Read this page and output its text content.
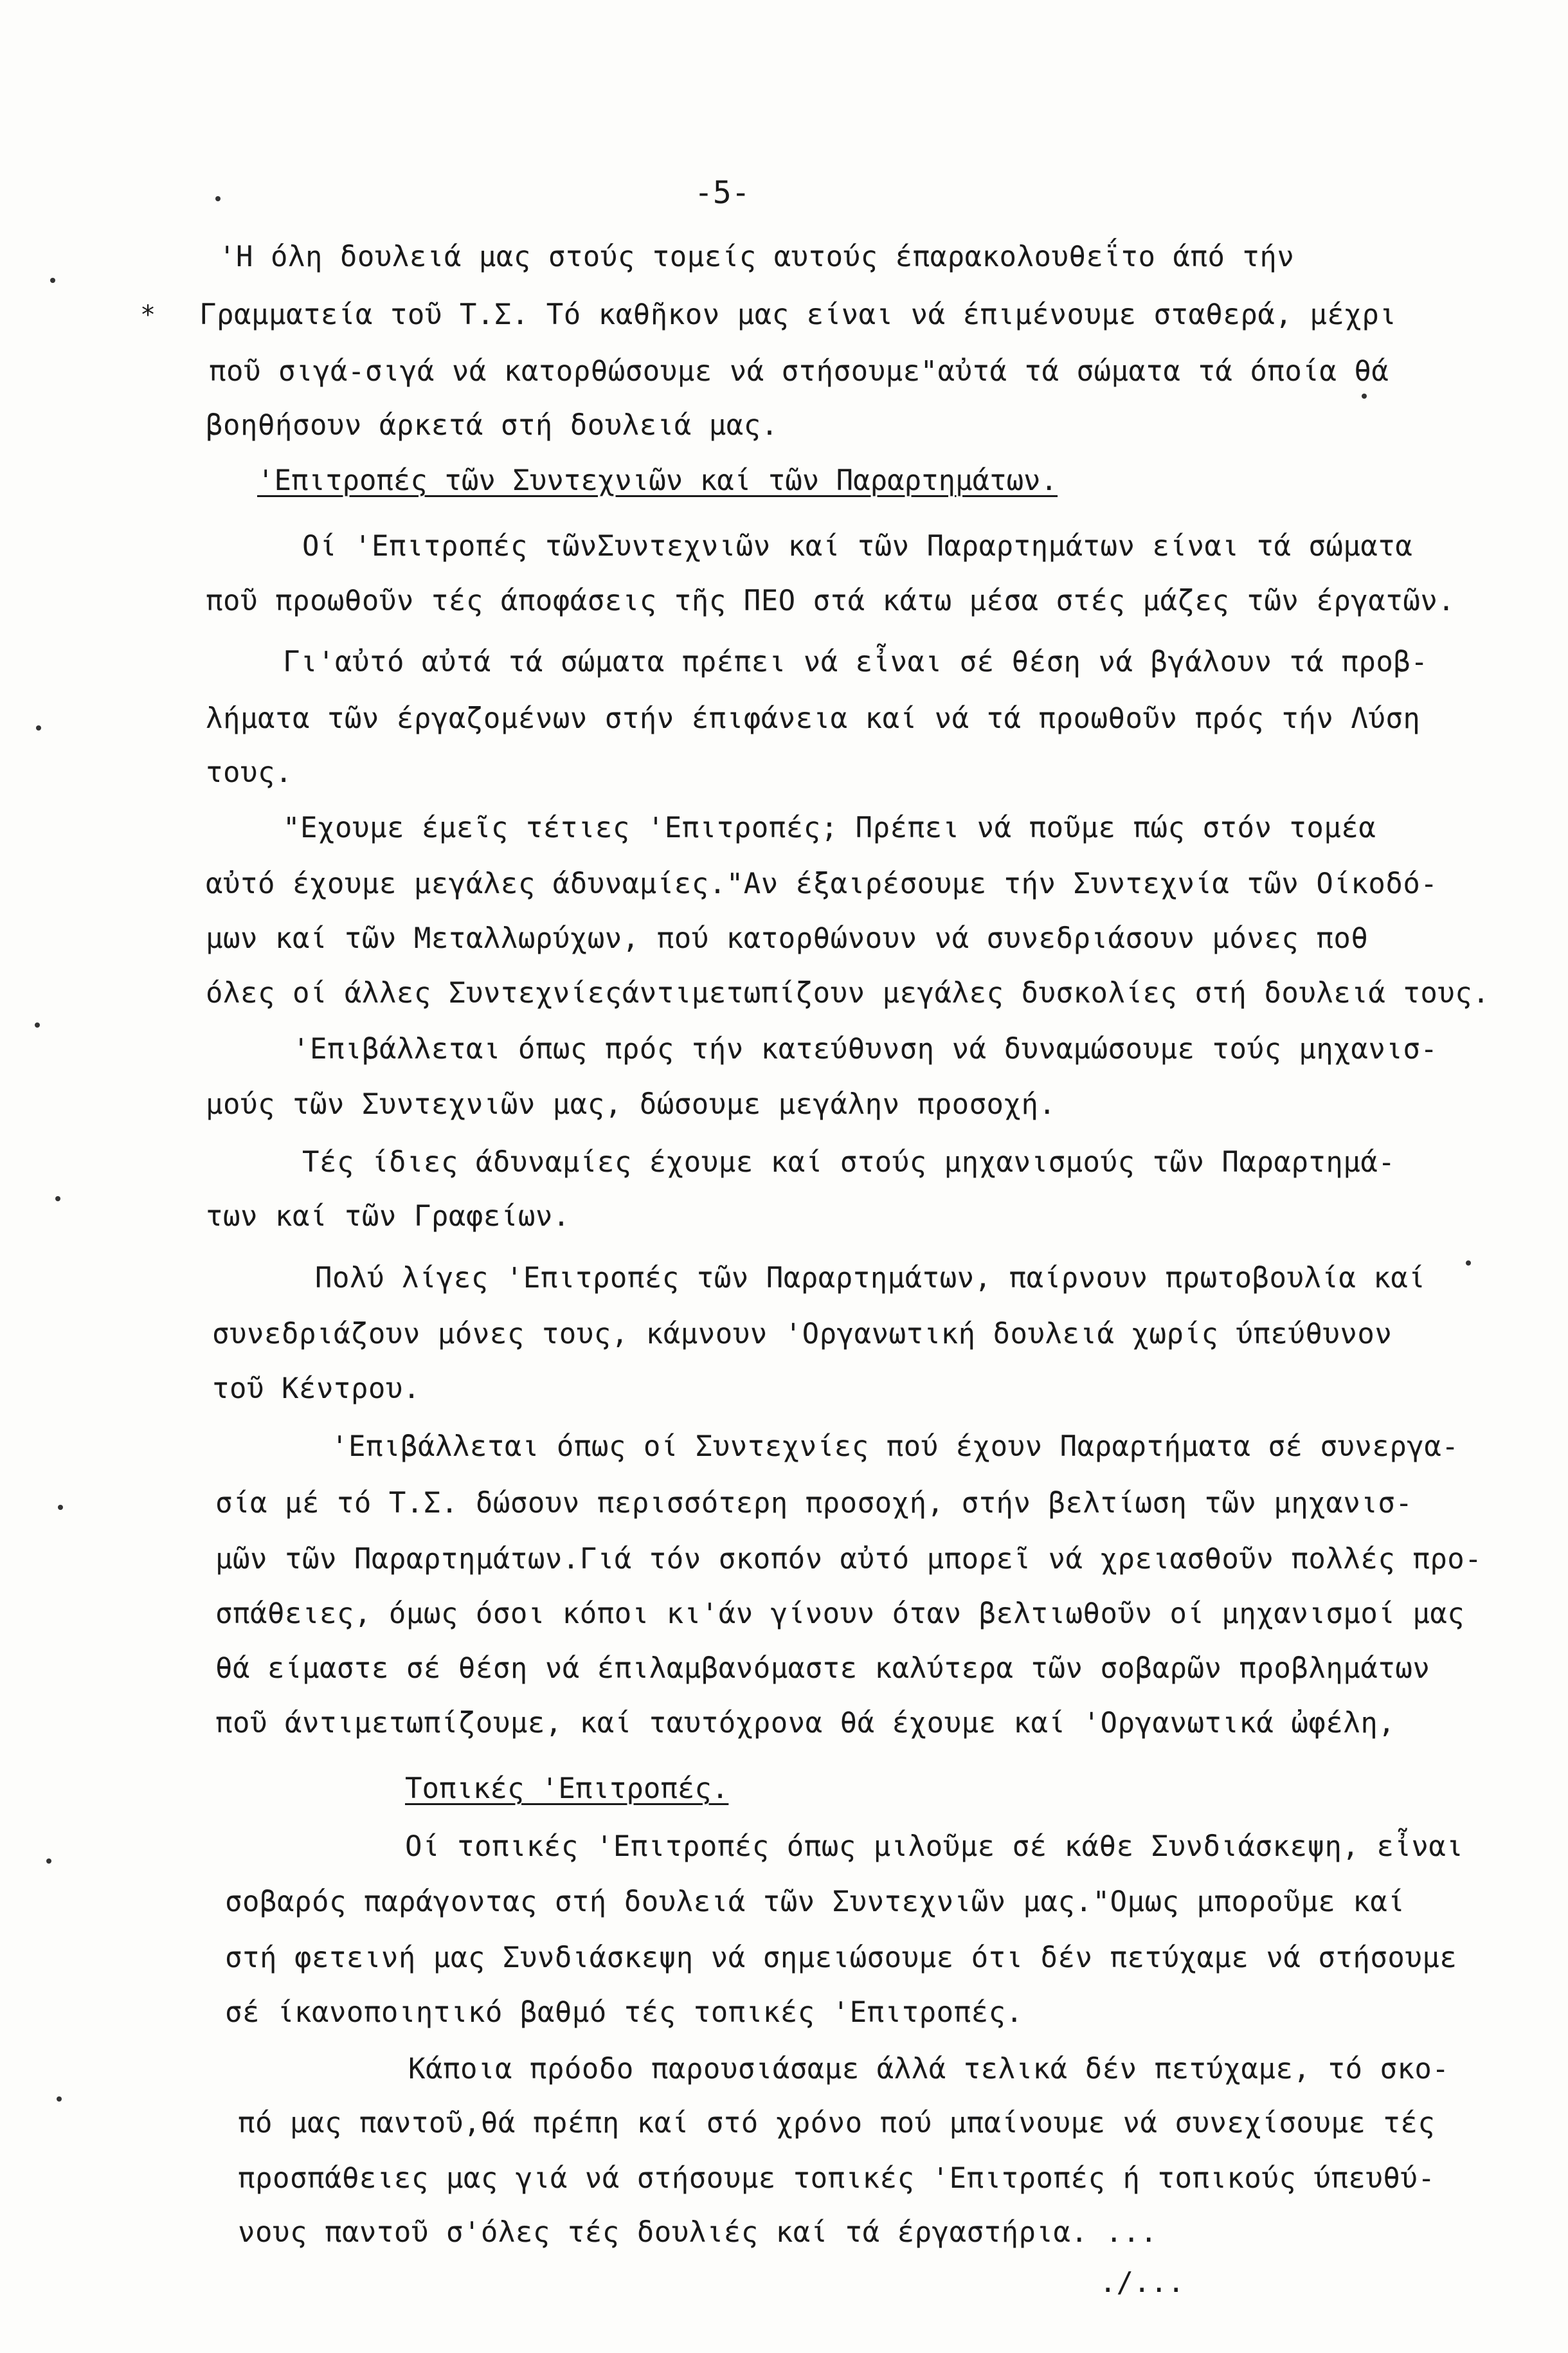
-5-
*
'Η όλη δουλειά μας στούς τομείς αυτούς έπαρακολουθεΐτο άπό τήν
Γραμματεία τοῦ Τ.Σ. Τό καθῆκον μας είναι νά έπιμένουμε σταθερά, μέχρι
ποῦ σιγά-σιγά νά κατορθώσουμε νά στήσουμε"αὐτά τά σώματα τά όποία θά
βοηθήσουν άρκετά στή δουλειά μας.
'Επιτροπές τῶν Συντεχνιῶν καί τῶν Παραρτημάτων.
Οί 'Επιτροπές τῶνΣυντεχνιῶν καί τῶν Παραρτημάτων είναι τά σώματα
ποῦ προωθοῦν τές άποφάσεις τῆς ΠΕΟ στά κάτω μέσα στές μάζες τῶν έργατῶν.
Γι'αὐτό αὐτά τά σώματα πρέπει νά εἶναι σέ θέση νά βγάλουν τά προβ-
λήματα τῶν έργαζομένων στήν έπιφάνεια καί νά τά προωθοῦν πρός τήν Λύση
τους.
"Εχουμε έμεῖς τέτιες 'Επιτροπές; Πρέπει νά ποῦμε πώς στόν τομέα
αὐτό έχουμε μεγάλες άδυναμίες."Αν έξαιρέσουμε τήν Συντεχνία τῶν Οίκοδό-
μων καί τῶν Μεταλλωρύχων, πού κατορθώνουν νά συνεδριάσουν μόνες ποθ
όλες οί άλλες Συντεχνίεςάντιμετωπίζουν μεγάλες δυσκολίες στή δουλειά τους.
'Επιβάλλεται όπως πρός τήν κατεύθυνση νά δυναμώσουμε τούς μηχανισ-
μούς τῶν Συντεχνιῶν μας, δώσουμε μεγάλην προσοχή.
Τές ίδιες άδυναμίες έχουμε καί στούς μηχανισμούς τῶν Παραρτημά-
των καί τῶν Γραφείων.
Πολύ λίγες 'Επιτροπές τῶν Παραρτημάτων, παίρνουν πρωτοβουλία καί
συνεδριάζουν μόνες τους, κάμνουν 'Οργανωτική δουλειά χωρίς ύπεύθυνον
τοῦ Κέντρου.
'Επιβάλλεται όπως οί Συντεχνίες πού έχουν Παραρτήματα σέ συνεργα-
σία μέ τό Τ.Σ. δώσουν περισσότερη προσοχή, στήν βελτίωση τῶν μηχανισ-
μῶν τῶν Παραρτημάτων.Γιά τόν σκοπόν αὐτό μπορεῖ νά χρειασθοῦν πολλές προ-
σπάθειες, όμως όσοι κόποι κι'άν γίνουν όταν βελτιωθοῦν οί μηχανισμοί μας
θά είμαστε σέ θέση νά έπιλαμβανόμαστε καλύτερα τῶν σοβαρῶν προβλημάτων
ποῦ άντιμετωπίζουμε, καί ταυτόχρονα θά έχουμε καί 'Οργανωτικά ὠφέλη,
Τοπικές 'Επιτροπές.
Οί τοπικές 'Επιτροπές όπως μιλοῦμε σέ κάθε Συνδιάσκεψη, εἶναι
σοβαρός παράγοντας στή δουλειά τῶν Συντεχνιῶν μας."Ομως μποροῦμε καί
στή φετεινή μας Συνδιάσκεψη νά σημειώσουμε ότι δέν πετύχαμε νά στήσουμε
σέ ίκανοποιητικό βαθμό τές τοπικές 'Επιτροπές.
Κάποια πρόοδο παρουσιάσαμε άλλά τελικά δέν πετύχαμε, τό σκο-
πό μας παντοῦ,θά πρέπη καί στό χρόνο πού μπαίνουμε νά συνεχίσουμε τές
προσπάθειες μας γιά νά στήσουμε τοπικές 'Επιτροπές ή τοπικούς ύπευθύ-
νους παντοῦ σ'όλες τές δουλιές καί τά έργαστήρια. ...
./...
